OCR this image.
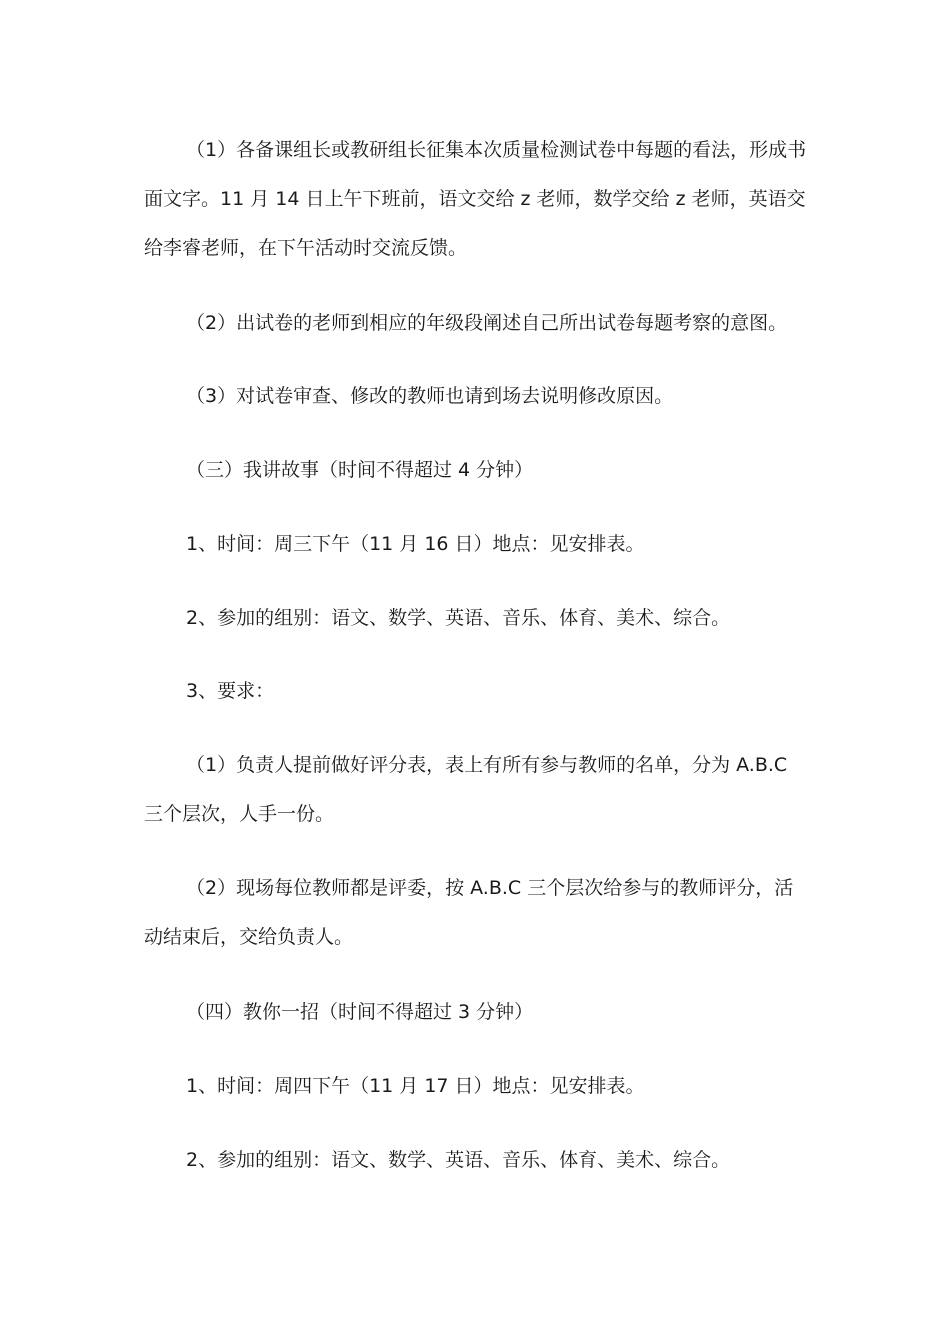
（1）各备课组长或教研组长征集本次质量检测试卷中每题的看法，形成书面文字。11 月 14 日上午下班前，语文交给 z 老师，数学交给 z 老师，英语交给李睿老师，在下午活动时交流反馈。

（2）出试卷的老师到相应的年级段阐述自己所出试卷每题考察的意图。

（3）对试卷审查、修改的教师也请到场去说明修改原因。

（三）我讲故事（时间不得超过 4 分钟）

1、时间：周三下午（11 月 16 日）地点：见安排表。

2、参加的组别：语文、数学、英语、音乐、体育、美术、综合。

3、要求：

（1）负责人提前做好评分表，表上有所有参与教师的名单，分为 A.B.C 三个层次，人手一份。

（2）现场每位教师都是评委，按 A.B.C 三个层次给参与的教师评分，活动结束后，交给负责人。

（四）教你一招（时间不得超过 3 分钟）

1、时间：周四下午（11 月 17 日）地点：见安排表。

2、参加的组别：语文、数学、英语、音乐、体育、美术、综合。
